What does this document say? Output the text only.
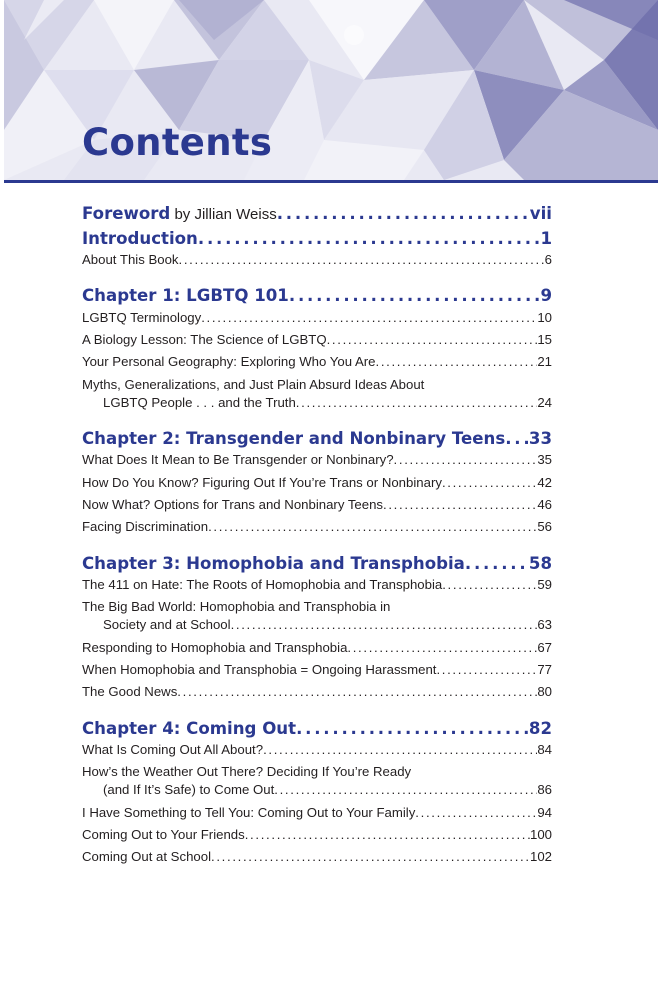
Contents
Foreword by Jillian Weiss . . .	vii
Introduction . . .	1
About This Book . . .	6
Chapter 1: LGBTQ 101 . . .	9
LGBTQ Terminology . . .	10
A Biology Lesson: The Science of LGBTQ . . .	15
Your Personal Geography: Exploring Who You Are . . .	21
Myths, Generalizations, and Just Plain Absurd Ideas About
LGBTQ People . . . and the Truth . . .	24
Chapter 2: Transgender and Nonbinary Teens . . . 33
What Does It Mean to Be Transgender or Nonbinary? . . .	35
How Do You Know? Figuring Out If You’re Trans or Nonbinary . . .	42
Now What? Options for Trans and Nonbinary Teens . . .	46
Facing Discrimination . . .	56
Chapter 3: Homophobia and Transphobia . . .	58
The 411 on Hate: The Roots of Homophobia and Transphobia . . .	59
The Big Bad World: Homophobia and Transphobia in
Society and at School . . .	63
Responding to Homophobia and Transphobia . . .	67
When Homophobia and Transphobia = Ongoing Harassment . . .	77
The Good News . . .	80
Chapter 4: Coming Out . . .	82
What Is Coming Out All About? . . .	84
How’s the Weather Out There? Deciding If You’re Ready
(and If It’s Safe) to Come Out . . .	86
I Have Something to Tell You: Coming Out to Your Family . . .	94
Coming Out to Your Friends . . .	100
Coming Out at School . . .	102
